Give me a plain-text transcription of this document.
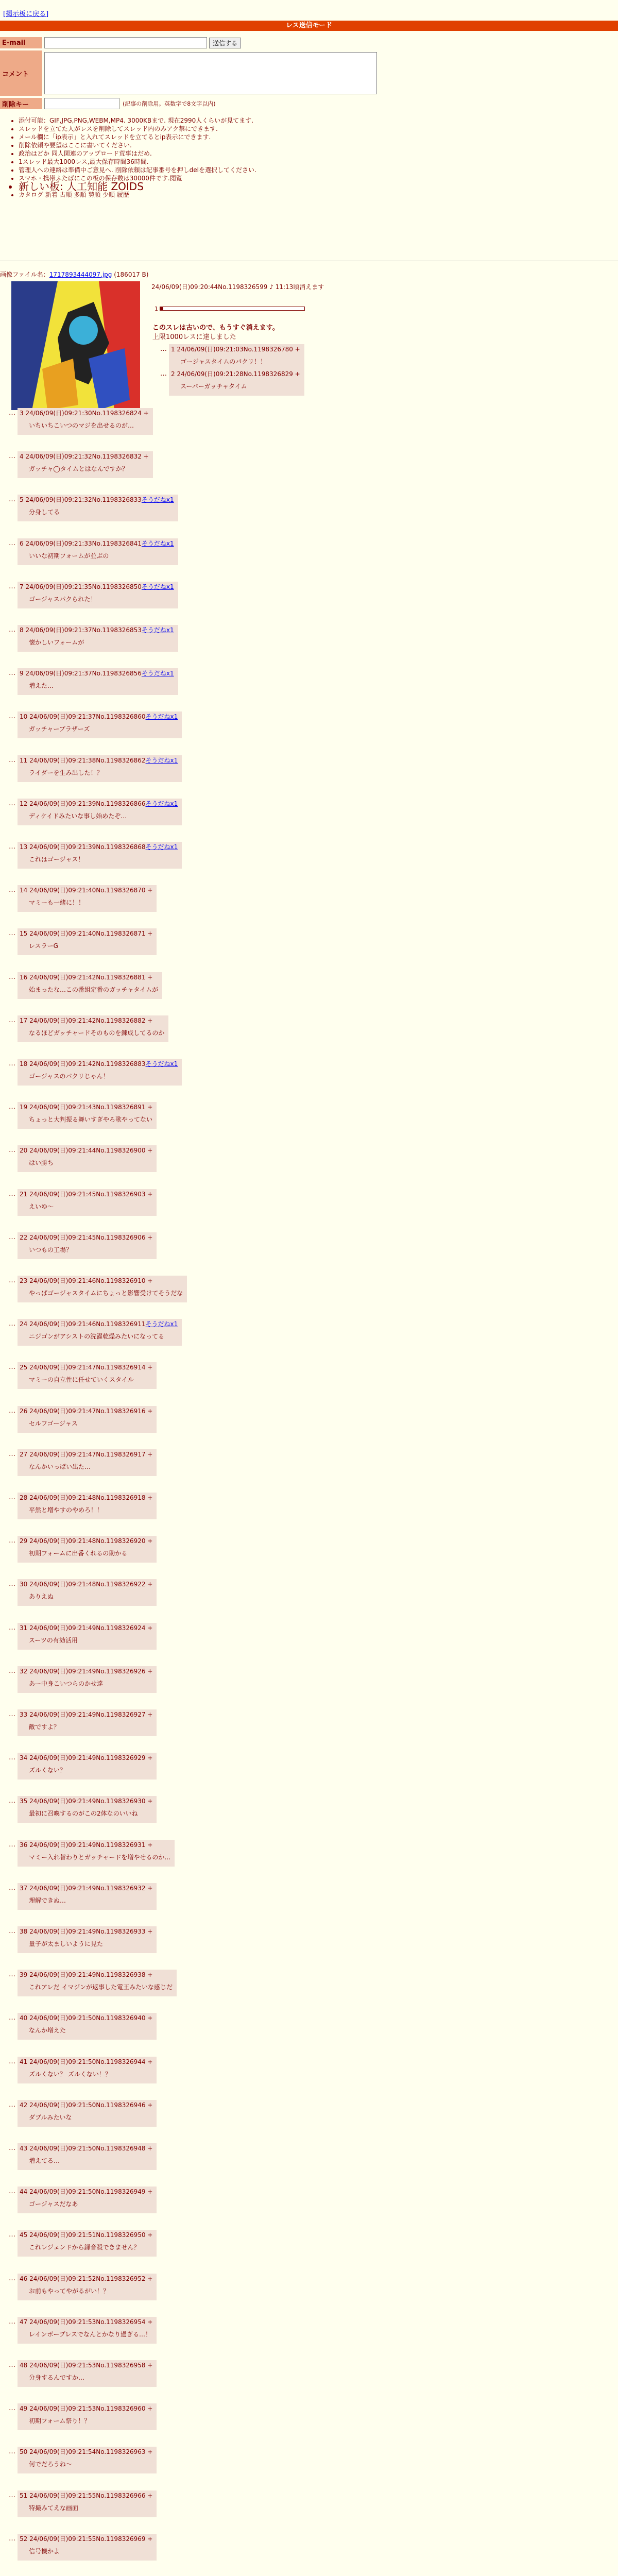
[掲示板に戻る]
レス送信モード
E-mail	送信する
コメント
削除キー	(記事の削除用。英数字で8文字以内)
• 添付可能：GIF,JPG,PNG,WEBM,MP4. 3000KBまで. 現在2990人くらいが見てます.
• スレッドを立てた人がレスを削除してスレッド内のみアク禁にできます.
• メール欄に「ip表示」と入れてスレッドを立てるとip表示にできます.
• 削除依頼や要望はここに書いてください.
• 政治はどか 同人関連のアップロード荒事はだめ.
• 1スレッド最大1000レス,最大保存時間36時間.
• 管理人への連絡は準備中ご意見へ. 削除依頼は記事番号を押しdelを選択してください.
• スマホ・携帯ふたばにこの板の保存数は30000件です.閲覧
• 新しい板: 人工知能 ZOIDS
• カタログ 新着 古順 多順 勢順 少順 履歴
画像ファイル名：1717893444097.jpg (186017 B)
24/06/09(日)09:20:44No.1198326599 ♪ 11:13頃消えます
1
このスレは古いので、もうすぐ消えます。
上限1000レスに達しました
… 1 24/06/09(日)09:21:03No.1198326780 +
ゴージャスタイムのパクリ！！
… 2 24/06/09(日)09:21:28No.1198326829 +
スーパーガッチャタイム
… 3 24/06/09(日)09:21:30No.1198326824 +
いちいちこいつのマジを出せるのが…
… 4 24/06/09(日)09:21:32No.1198326832 +
ガッチャ◯タイムとはなんですか？
… 5 24/06/09(日)09:21:32No.1198326833そうだねx1
分身してる
… 6 24/06/09(日)09:21:33No.1198326841そうだねx1
いいな初期フォームが並ぶの
… 7 24/06/09(日)09:21:35No.1198326850そうだねx1
ゴージャスパクられた！
… 8 24/06/09(日)09:21:37No.1198326853そうだねx1
懐かしいフォームが
… 9 24/06/09(日)09:21:37No.1198326856そうだねx1
増えた…
… 10 24/06/09(日)09:21:37No.1198326860そうだねx1
ガッチャーブラザーズ
… 11 24/06/09(日)09:21:38No.1198326862そうだねx1
ライダーを生み出した！？
… 12 24/06/09(日)09:21:39No.1198326866そうだねx1
ディケイドみたいな事し始めたぞ…
… 13 24/06/09(日)09:21:39No.1198326868そうだねx1
これはゴージャス！
… 14 24/06/09(日)09:21:40No.1198326870 +
マミーも一緒に！！
… 15 24/06/09(日)09:21:40No.1198326871 +
レスラーG
… 16 24/06/09(日)09:21:42No.1198326881 +
始まったな…この番組定番のガッチャタイムが
… 17 24/06/09(日)09:21:42No.1198326882 +
なるほどガッチャードそのものを錬成してるのか
… 18 24/06/09(日)09:21:42No.1198326883そうだねx1
ゴージャスのパクリじゃん！
… 19 24/06/09(日)09:21:43No.1198326891 +
ちょっと大判振る舞いすぎやろ歌やってない
… 20 24/06/09(日)09:21:44No.1198326900 +
はい勝ち
… 21 24/06/09(日)09:21:45No.1198326903 +
えいゆ〜
… 22 24/06/09(日)09:21:45No.1198326906 +
いつもの工場？
… 23 24/06/09(日)09:21:46No.1198326910 +
やっぱゴージャスタイムにちょっと影響受けてそうだな
… 24 24/06/09(日)09:21:46No.1198326911そうだねx1
ニジゴンがアシストの洗濯乾燥みたいになってる
… 25 24/06/09(日)09:21:47No.1198326914 +
マミーの自立性に任せていくスタイル
… 26 24/06/09(日)09:21:47No.1198326916 +
セルフゴージャス
… 27 24/06/09(日)09:21:47No.1198326917 +
なんかいっぱい出た…
… 28 24/06/09(日)09:21:48No.1198326918 +
平然と増やすのやめろ！！
… 29 24/06/09(日)09:21:48No.1198326920 +
初期フォームに出番くれるの助かる
… 30 24/06/09(日)09:21:48No.1198326922 +
ありえぬ
… 31 24/06/09(日)09:21:49No.1198326924 +
スーツの有効活用
… 32 24/06/09(日)09:21:49No.1198326926 +
あー中身こいつらのかせ達
… 33 24/06/09(日)09:21:49No.1198326927 +
敵ですよ？
… 34 24/06/09(日)09:21:49No.1198326929 +
ズルくない？
… 35 24/06/09(日)09:21:49No.1198326930 +
最初に召喚するのがこの2体なのいいね
… 36 24/06/09(日)09:21:49No.1198326931 +
マミー入れ替わりとガッチャードを増やせるのか…
… 37 24/06/09(日)09:21:49No.1198326932 +
理解できぬ…
… 38 24/06/09(日)09:21:49No.1198326933 +
量子が太ましいように見た
… 39 24/06/09(日)09:21:49No.1198326938 +
これアレだ イマジンが返事した電王みたいな感じだ
… 40 24/06/09(日)09:21:50No.1198326940 +
なんか増えた
… 41 24/06/09(日)09:21:50No.1198326944 +
ズルくない？ ズルくない！？
… 42 24/06/09(日)09:21:50No.1198326946 +
ダブルみたいな
… 43 24/06/09(日)09:21:50No.1198326948 +
増えてる…
… 44 24/06/09(日)09:21:50No.1198326949 +
ゴージャスだなあ
… 45 24/06/09(日)09:21:51No.1198326950 +
これレジェンドから録音殺できません？
… 46 24/06/09(日)09:21:52No.1198326952 +
お前もやってやがるがい！？
… 47 24/06/09(日)09:21:53No.1198326954 +
レインボープレスでなんとかなり過ぎる…！
… 48 24/06/09(日)09:21:53No.1198326958 +
分身するんですか…
… 49 24/06/09(日)09:21:53No.1198326960 +
初期フォーム祭り！？
… 50 24/06/09(日)09:21:54No.1198326963 +
何でだろうね～
… 51 24/06/09(日)09:21:55No.1198326966 +
特撮みてえな画面
… 52 24/06/09(日)09:21:55No.1198326969 +
信号機かよ
